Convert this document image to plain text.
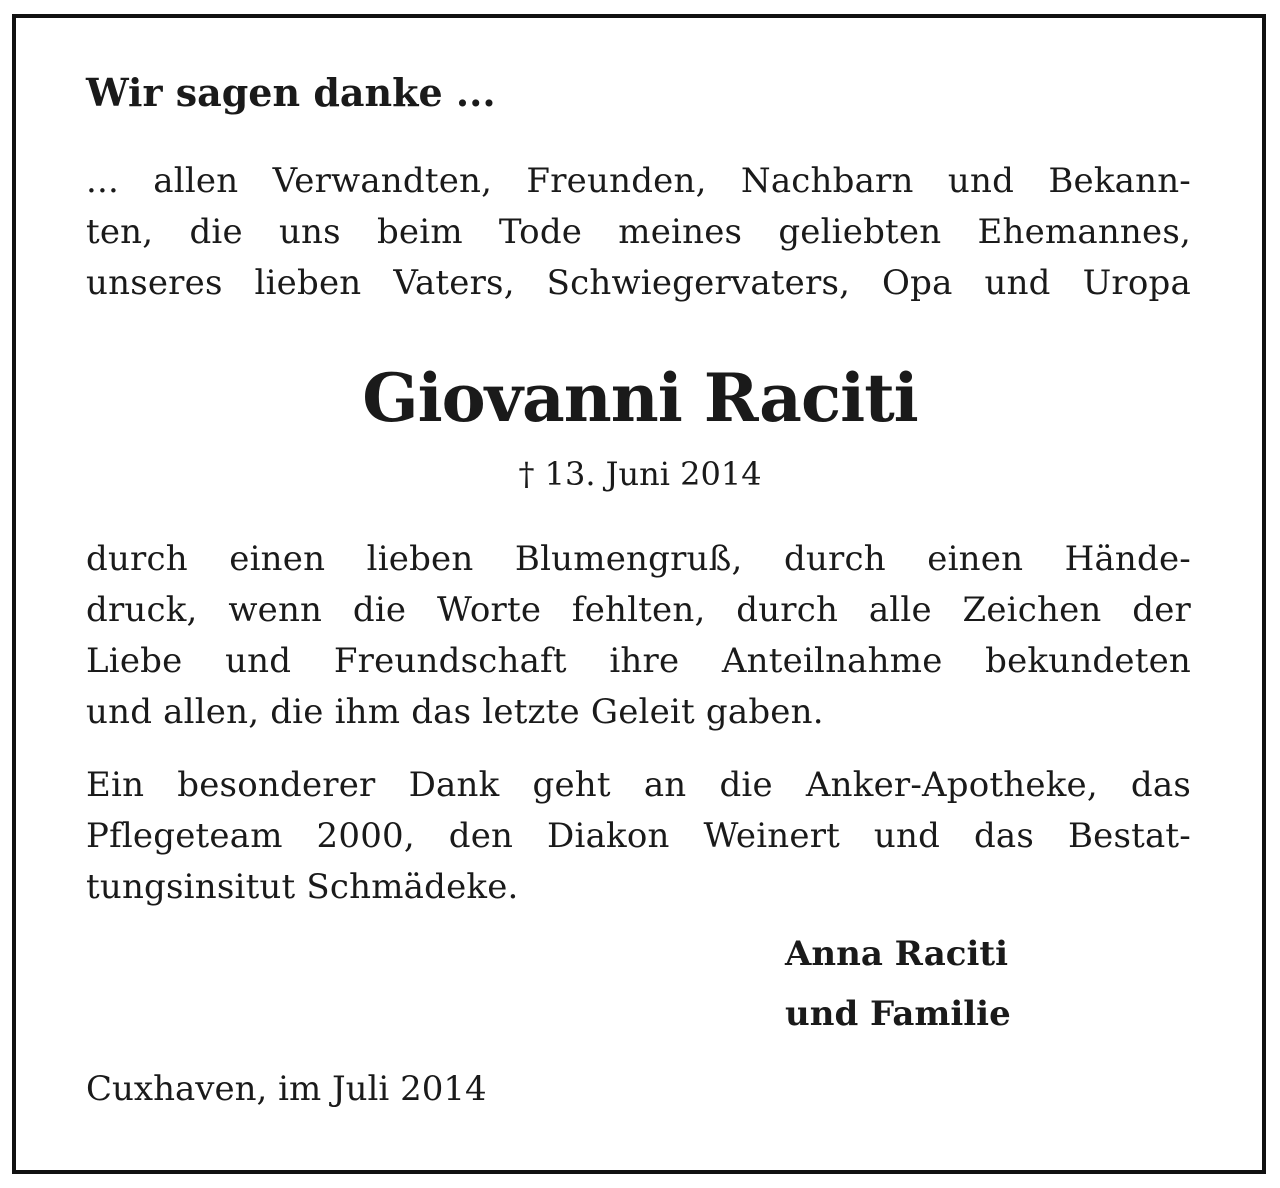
Wir sagen danke ...
... allen Verwandten, Freunden, Nachbarn und Bekann-
ten, die uns beim Tode meines geliebten Ehemannes,
unseres lieben Vaters, Schwiegervaters, Opa und Uropa
Giovanni Raciti
† 13. Juni 2014
durch einen lieben Blumengruß, durch einen Hände-
druck, wenn die Worte fehlten, durch alle Zeichen der
Liebe und Freundschaft ihre Anteilnahme bekundeten
und allen, die ihm das letzte Geleit gaben.
Ein besonderer Dank geht an die Anker-Apotheke, das
Pflegeteam 2000, den Diakon Weinert und das Bestat-
tungsinsitut Schmädeke.
Anna Raciti
und Familie
Cuxhaven, im Juli 2014
